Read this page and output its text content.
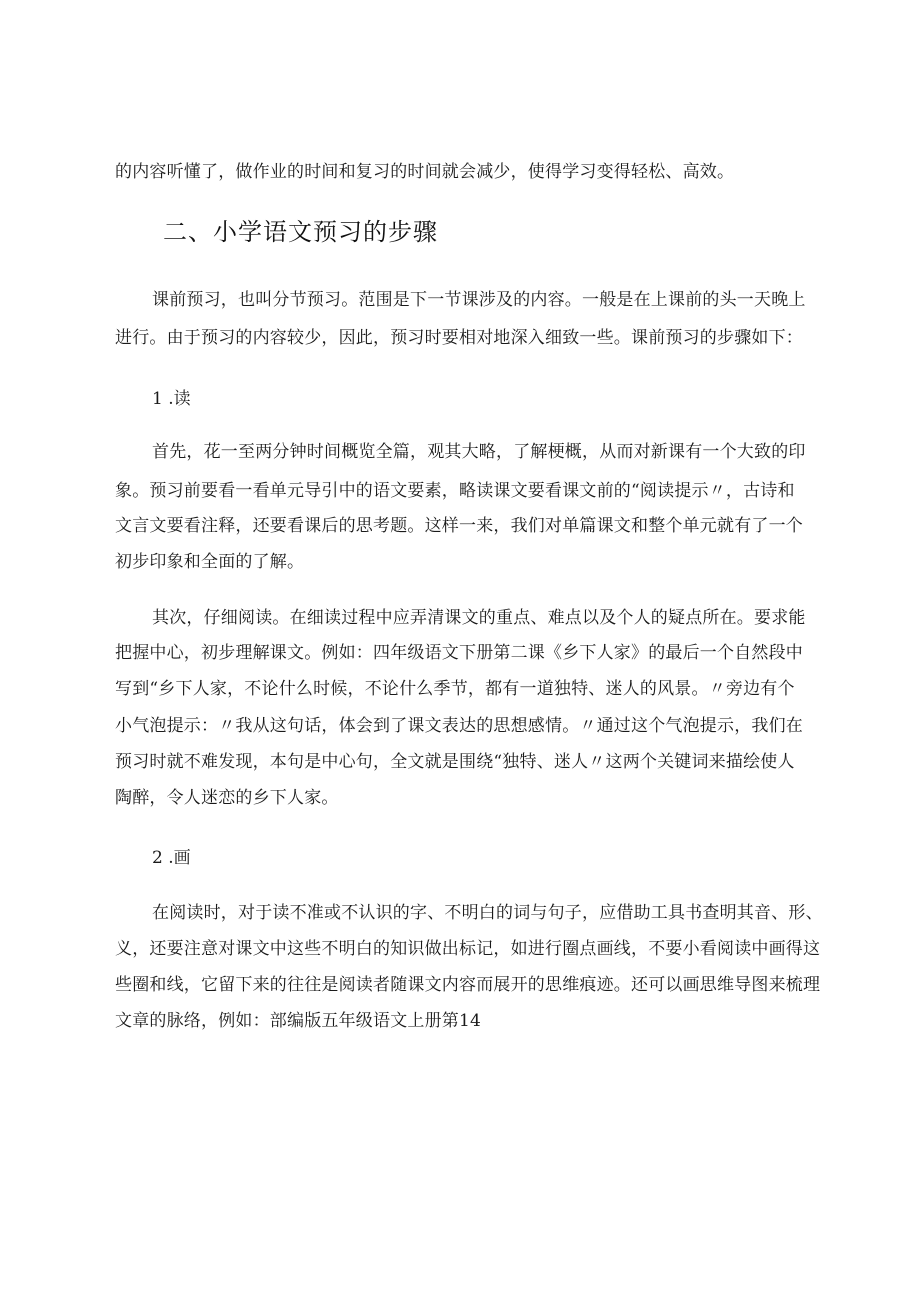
的内容听懂了，做作业的时间和复习的时间就会减少，使得学习变得轻松、高效。
二、小学语文预习的步骤
课前预习，也叫分节预习。范围是下一节课涉及的内容。一般是在上课前的头一天晚上
进行。由于预习的内容较少，因此，预习时要相对地深入细致一些。课前预习的步骤如下：
1 .读
首先，花一至两分钟时间概览全篇，观其大略，了解梗概，从而对新课有一个大致的印
象。预习前要看一看单元导引中的语文要素，略读课文要看课文前的“阅读提示〃，古诗和
文言文要看注释，还要看课后的思考题。这样一来，我们对单篇课文和整个单元就有了一个
初步印象和全面的了解。
其次，仔细阅读。在细读过程中应弄清课文的重点、难点以及个人的疑点所在。要求能
把握中心，初步理解课文。例如：四年级语文下册第二课《乡下人家》的最后一个自然段中
写到“乡下人家，不论什么时候，不论什么季节，都有一道独特、迷人的风景。〃旁边有个
小气泡提示：〃我从这句话，体会到了课文表达的思想感情。〃通过这个气泡提示，我们在
预习时就不难发现，本句是中心句，全文就是围绕“独特、迷人〃这两个关键词来描绘使人
陶醉，令人迷恋的乡下人家。
2 .画
在阅读时，对于读不准或不认识的字、不明白的词与句子，应借助工具书查明其音、形、
义，还要注意对课文中这些不明白的知识做出标记，如进行圈点画线，不要小看阅读中画得这
些圈和线，它留下来的往往是阅读者随课文内容而展开的思维痕迹。还可以画思维导图来梳理
文章的脉络，例如：部编版五年级语文上册第14
